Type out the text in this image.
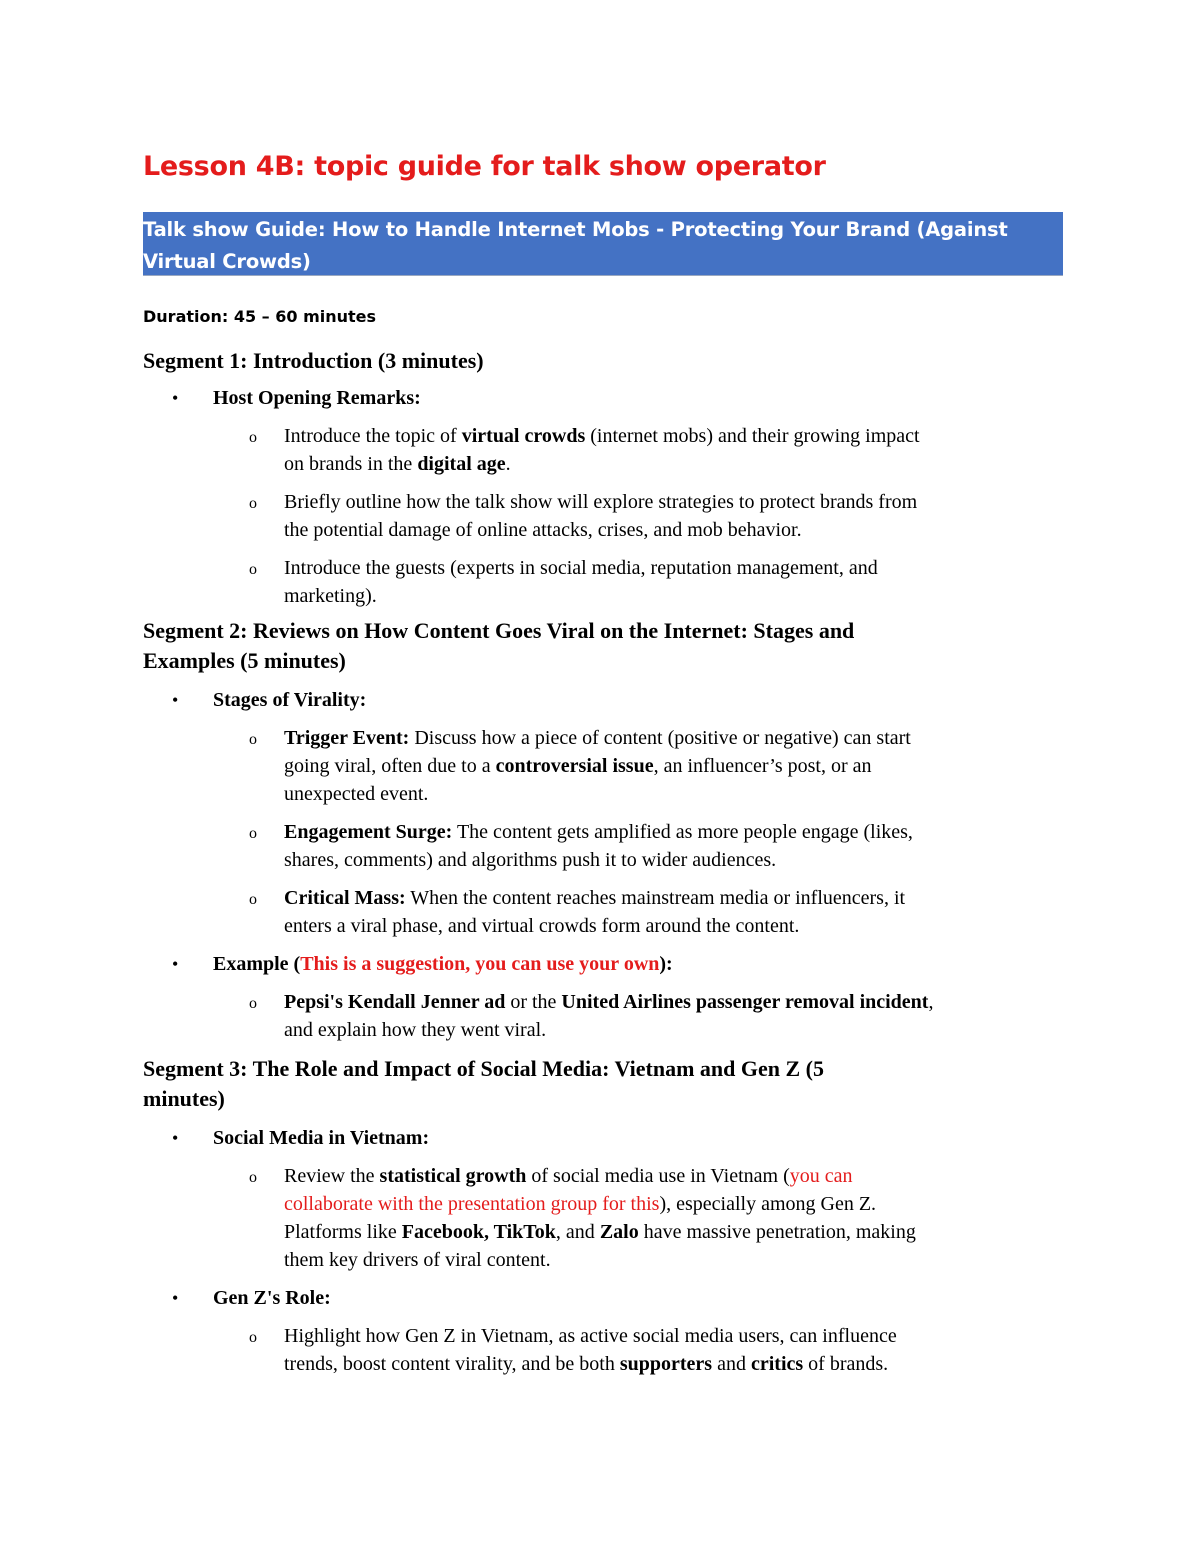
Lesson 4B: topic guide for talk show operator
Talk show Guide: How to Handle Internet Mobs - Protecting Your Brand (Against
Virtual Crowds)
Duration: 45 – 60 minutes
Segment 1: Introduction (3 minutes)

• Host Opening Remarks:

o Introduce the topic of virtual crowds (internet mobs) and their growing impact
on brands in the digital age.

o Briefly outline how the talk show will explore strategies to protect brands from
the potential damage of online attacks, crises, and mob behavior.

o Introduce the guests (experts in social media, reputation management, and
marketing).

Segment 2: Reviews on How Content Goes Viral on the Internet: Stages and
Examples (5 minutes)

• Stages of Virality:

o Trigger Event: Discuss how a piece of content (positive or negative) can start
going viral, often due to a controversial issue, an influencer’s post, or an
unexpected event.

o Engagement Surge: The content gets amplified as more people engage (likes,
shares, comments) and algorithms push it to wider audiences.

o Critical Mass: When the content reaches mainstream media or influencers, it
enters a viral phase, and virtual crowds form around the content.

• Example (This is a suggestion, you can use your own):

o Pepsi's Kendall Jenner ad or the United Airlines passenger removal incident,
and explain how they went viral.

Segment 3: The Role and Impact of Social Media: Vietnam and Gen Z (5
minutes)

• Social Media in Vietnam:

o Review the statistical growth of social media use in Vietnam (you can
collaborate with the presentation group for this), especially among Gen Z.
Platforms like Facebook, TikTok, and Zalo have massive penetration, making
them key drivers of viral content.

• Gen Z's Role:

o Highlight how Gen Z in Vietnam, as active social media users, can influence
trends, boost content virality, and be both supporters and critics of brands.
